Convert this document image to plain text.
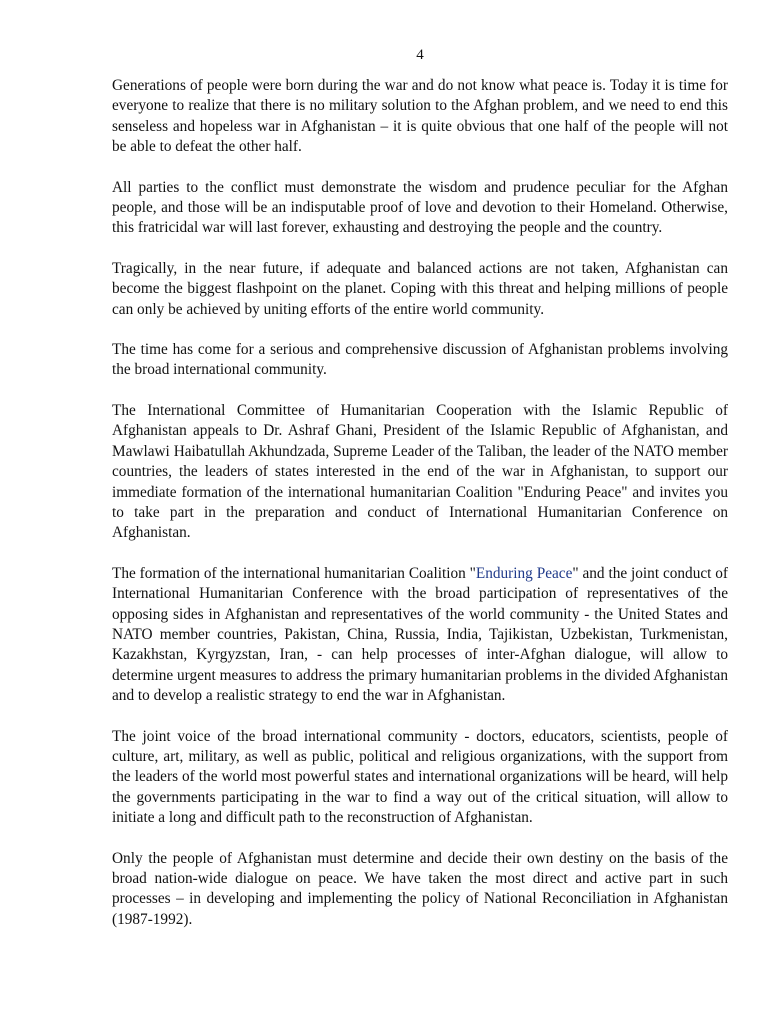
4

Generations of people were born during the war and do not know what peace is. Today it is time for everyone to realize that there is no military solution to the Afghan problem, and we need to end this senseless and hopeless war in Afghanistan – it is quite obvious that one half of the people will not be able to defeat the other half.

All parties to the conflict must demonstrate the wisdom and prudence peculiar for the Afghan people, and those will be an indisputable proof of love and devotion to their Homeland. Otherwise, this fratricidal war will last forever, exhausting and destroying the people and the country.

Tragically, in the near future, if adequate and balanced actions are not taken, Afghanistan can become the biggest flashpoint on the planet. Coping with this threat and helping millions of people can only be achieved by uniting efforts of the entire world community.

The time has come for a serious and comprehensive discussion of Afghanistan problems involving the broad international community.

The International Committee of Humanitarian Cooperation with the Islamic Republic of Afghanistan appeals to Dr. Ashraf Ghani, President of the Islamic Republic of Afghanistan, and Mawlawi Haibatullah Akhundzada, Supreme Leader of the Taliban, the leader of the NATO member countries, the leaders of states interested in the end of the war in Afghanistan, to support our immediate formation of the international humanitarian Coalition "Enduring Peace" and invites you to take part in the preparation and conduct of International Humanitarian Conference on Afghanistan.

The formation of the international humanitarian Coalition "Enduring Peace" and the joint conduct of International Humanitarian Conference with the broad participation of representatives of the opposing sides in Afghanistan and representatives of the world community - the United States and NATO member countries, Pakistan, China, Russia, India, Tajikistan, Uzbekistan, Turkmenistan, Kazakhstan, Kyrgyzstan, Iran, - can help processes of inter-Afghan dialogue, will allow to determine urgent measures to address the primary humanitarian problems in the divided Afghanistan and to develop a realistic strategy to end the war in Afghanistan.

The joint voice of the broad international community - doctors, educators, scientists, people of culture, art, military, as well as public, political and religious organizations, with the support from the leaders of the world most powerful states and international organizations will be heard, will help the governments participating in the war to find a way out of the critical situation, will allow to initiate a long and difficult path to the reconstruction of Afghanistan.

Only the people of Afghanistan must determine and decide their own destiny on the basis of the broad nation-wide dialogue on peace. We have taken the most direct and active part in such processes – in developing and implementing the policy of National Reconciliation in Afghanistan (1987-1992).
